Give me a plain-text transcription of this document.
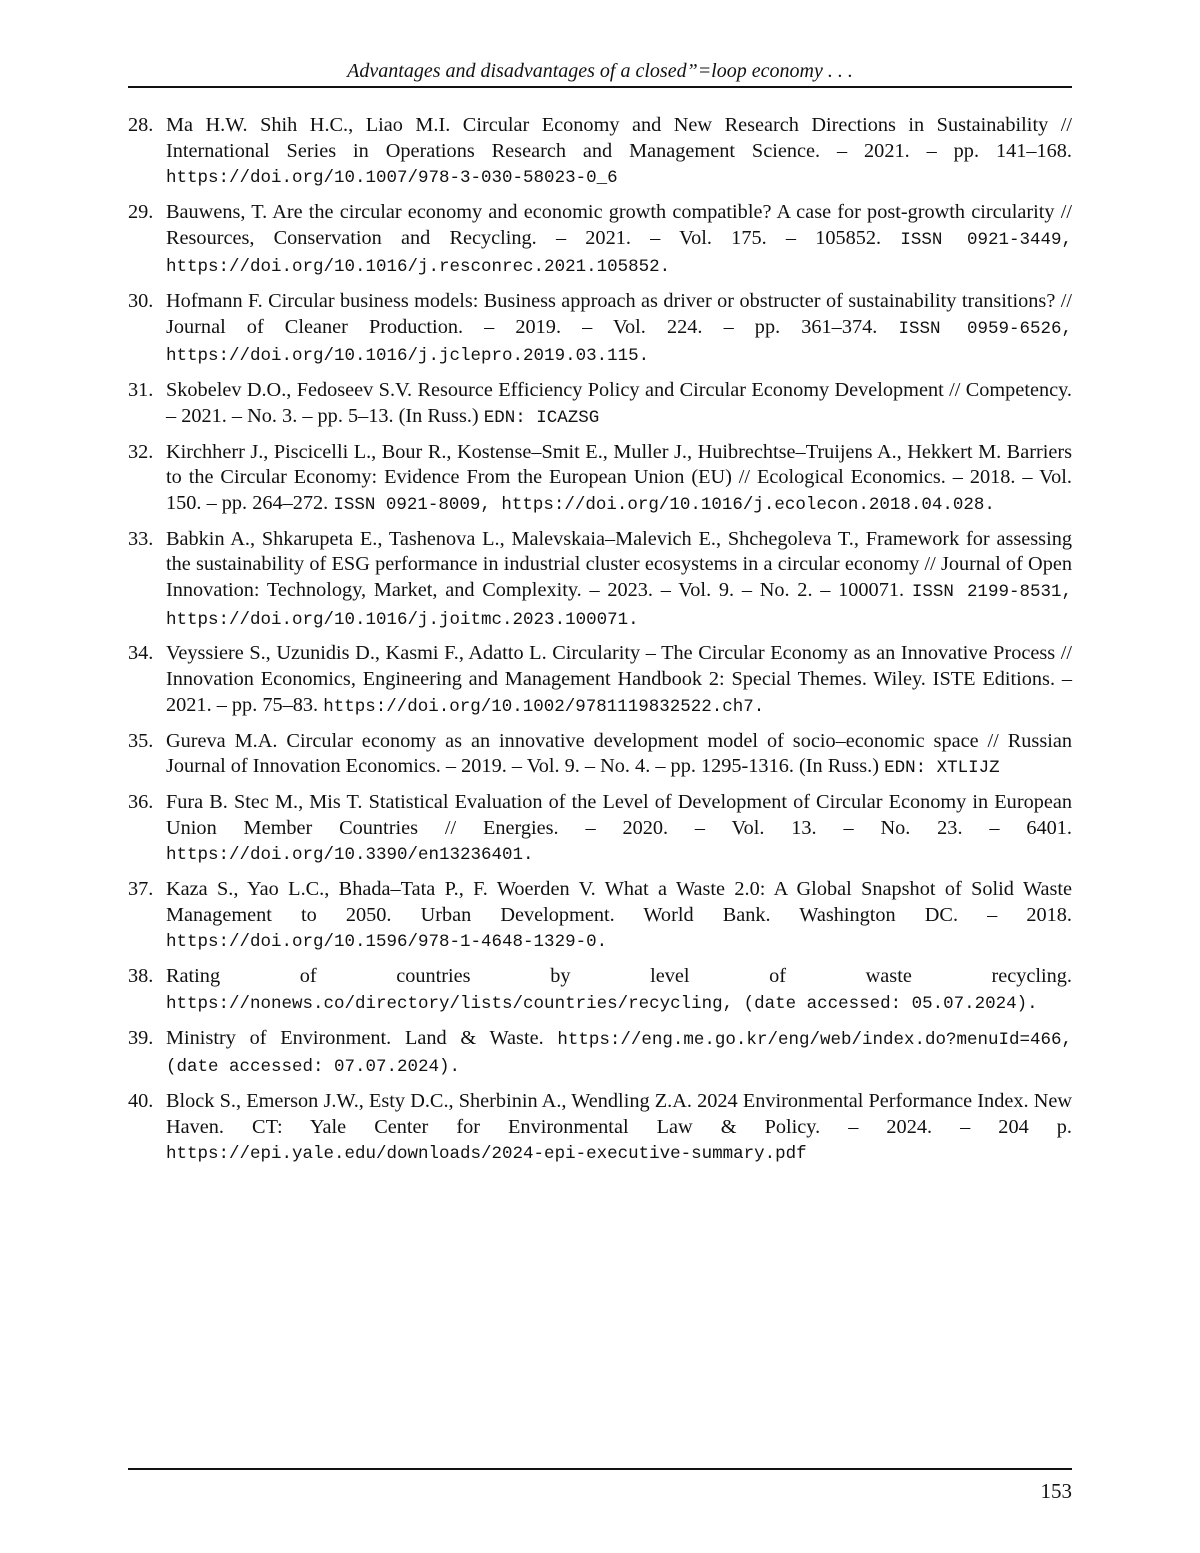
Advantages and disadvantages of a closed”=loop economy . . .
28. Ma H.W. Shih H.C., Liao M.I. Circular Economy and New Research Directions in Sustainability // International Series in Operations Research and Management Science. – 2021. – pp. 141–168. https://doi.org/10.1007/978-3-030-58023-0_6
29. Bauwens, T. Are the circular economy and economic growth compatible? A case for post-growth circularity // Resources, Conservation and Recycling. – 2021. – Vol. 175. – 105852. ISSN 0921-3449, https://doi.org/10.1016/j.resconrec.2021.105852.
30. Hofmann F. Circular business models: Business approach as driver or obstructer of sustainability transitions? // Journal of Cleaner Production. – 2019. – Vol. 224. – pp. 361–374. ISSN 0959-6526, https://doi.org/10.1016/j.jclepro.2019.03.115.
31. Skobelev D.O., Fedoseev S.V. Resource Efficiency Policy and Circular Economy Development // Competency. – 2021. – No. 3. – pp. 5–13. (In Russ.) EDN: ICAZSG
32. Kirchherr J., Piscicelli L., Bour R., Kostense–Smit E., Muller J., Huibrechtse–Truijens A., Hekkert M. Barriers to the Circular Economy: Evidence From the European Union (EU) // Ecological Economics. – 2018. – Vol. 150. – pp. 264–272. ISSN 0921-8009, https://doi.org/10.1016/j.ecolecon.2018.04.028.
33. Babkin A., Shkarupeta E., Tashenova L., Malevskaia–Malevich E., Shchegoleva T., Framework for assessing the sustainability of ESG performance in industrial cluster ecosystems in a circular economy // Journal of Open Innovation: Technology, Market, and Complexity. – 2023. – Vol. 9. – No. 2. – 100071. ISSN 2199-8531, https://doi.org/10.1016/j.joitmc.2023.100071.
34. Veyssiere S., Uzunidis D., Kasmi F., Adatto L. Circularity – The Circular Economy as an Innovative Process // Innovation Economics, Engineering and Management Handbook 2: Special Themes. Wiley. ISTE Editions. – 2021. – pp. 75–83. https://doi.org/10.1002/9781119832522.ch7.
35. Gureva M.A. Circular economy as an innovative development model of socio–economic space // Russian Journal of Innovation Economics. – 2019. – Vol. 9. – No. 4. – pp. 1295-1316. (In Russ.) EDN: XTLIJZ
36. Fura B. Stec M., Mis T. Statistical Evaluation of the Level of Development of Circular Economy in European Union Member Countries // Energies. – 2020. – Vol. 13. – No. 23. – 6401. https://doi.org/10.3390/en13236401.
37. Kaza S., Yao L.C., Bhada–Tata P., F. Woerden V. What a Waste 2.0: A Global Snapshot of Solid Waste Management to 2050. Urban Development. World Bank. Washington DC. – 2018. https://doi.org/10.1596/978-1-4648-1329-0.
38. Rating of countries by level of waste recycling. https://nonews.co/directory/lists/countries/recycling, (date accessed: 05.07.2024).
39. Ministry of Environment. Land & Waste. https://eng.me.go.kr/eng/web/index.do?menuId=466, (date accessed: 07.07.2024).
40. Block S., Emerson J.W., Esty D.C., Sherbinin A., Wendling Z.A. 2024 Environmental Performance Index. New Haven. CT: Yale Center for Environmental Law & Policy. – 2024. – 204 p. https://epi.yale.edu/downloads/2024-epi-executive-summary.pdf
153
